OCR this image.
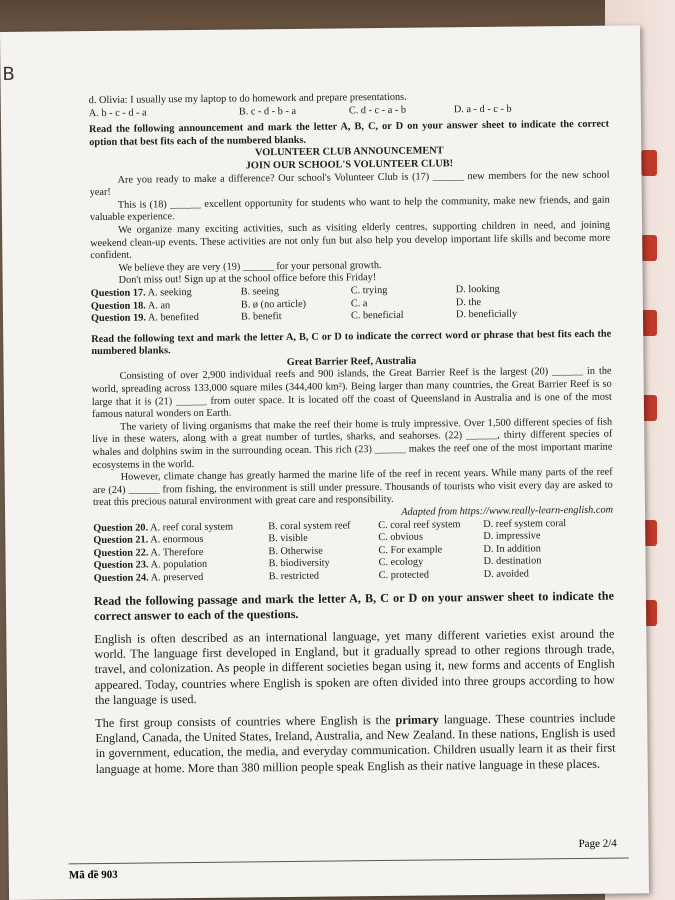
B

d. Olivia: I usually use my laptop to do homework and prepare presentations.

A. b - c - d - a	B. c - d - b - a	C. d - c - a - b	D. a - d - c - b

Read the following announcement and mark the letter A, B, C, or D on your answer sheet to indicate the correct option that best fits each of the numbered blanks.

VOLUNTEER CLUB ANNOUNCEMENT

JOIN OUR SCHOOL'S VOLUNTEER CLUB!

Are you ready to make a difference? Our school's Volunteer Club is (17) ______ new members for the new school year!

This is (18) ______ excellent opportunity for students who want to help the community, make new friends, and gain valuable experience.

We organize many exciting activities, such as visiting elderly centres, supporting children in need, and joining weekend clean-up events. These activities are not only fun but also help you develop important life skills and become more confident.

We believe they are very (19) ______ for your personal growth.

Don't miss out! Sign up at the school office before this Friday!

Question 17. A. seeking	B. seeing	C. trying	D. looking
Question 18. A. an	B. ø (no article)	C. a	D. the
Question 19. A. benefited	B. benefit	C. beneficial	D. beneficially

Read the following text and mark the letter A, B, C or D to indicate the correct word or phrase that best fits each the numbered blanks.

Great Barrier Reef, Australia

Consisting of over 2,900 individual reefs and 900 islands, the Great Barrier Reef is the largest (20) ______ in the world, spreading across 133,000 square miles (344,400 km²). Being larger than many countries, the Great Barrier Reef is so large that it is (21) ______ from outer space. It is located off the coast of Queensland in Australia and is one of the most famous natural wonders on Earth.

The variety of living organisms that make the reef their home is truly impressive. Over 1,500 different species of fish live in these waters, along with a great number of turtles, sharks, and seahorses. (22) ______, thirty different species of whales and dolphins swim in the surrounding ocean. This rich (23) ______ makes the reef one of the most important marine ecosystems in the world.

However, climate change has greatly harmed the marine life of the reef in recent years. While many parts of the reef are (24) ______ from fishing, the environment is still under pressure. Thousands of tourists who visit every day are asked to treat this precious natural environment with great care and responsibility.

Adapted from https://www.really-learn-english.com

Question 20. A. reef coral system	B. coral system reef	C. coral reef system	D. reef system coral
Question 21. A. enormous	B. visible	C. obvious	D. impressive
Question 22. A. Therefore	B. Otherwise	C. For example	D. In addition
Question 23. A. population	B. biodiversity	C. ecology	D. destination
Question 24. A. preserved	B. restricted	C. protected	D. avoided

Read the following passage and mark the letter A, B, C or D on your answer sheet to indicate the correct answer to each of the questions.

English is often described as an international language, yet many different varieties exist around the world. The language first developed in England, but it gradually spread to other regions through trade, travel, and colonization. As people in different societies began using it, new forms and accents of English appeared. Today, countries where English is spoken are often divided into three groups according to how the language is used.

The first group consists of countries where English is the primary language. These countries include England, Canada, the United States, Ireland, Australia, and New Zealand. In these nations, English is used in government, education, the media, and everyday communication. Children usually learn it as their first language at home. More than 380 million people speak English as their native language in these places.

Page 2/4
Mã đề 903
